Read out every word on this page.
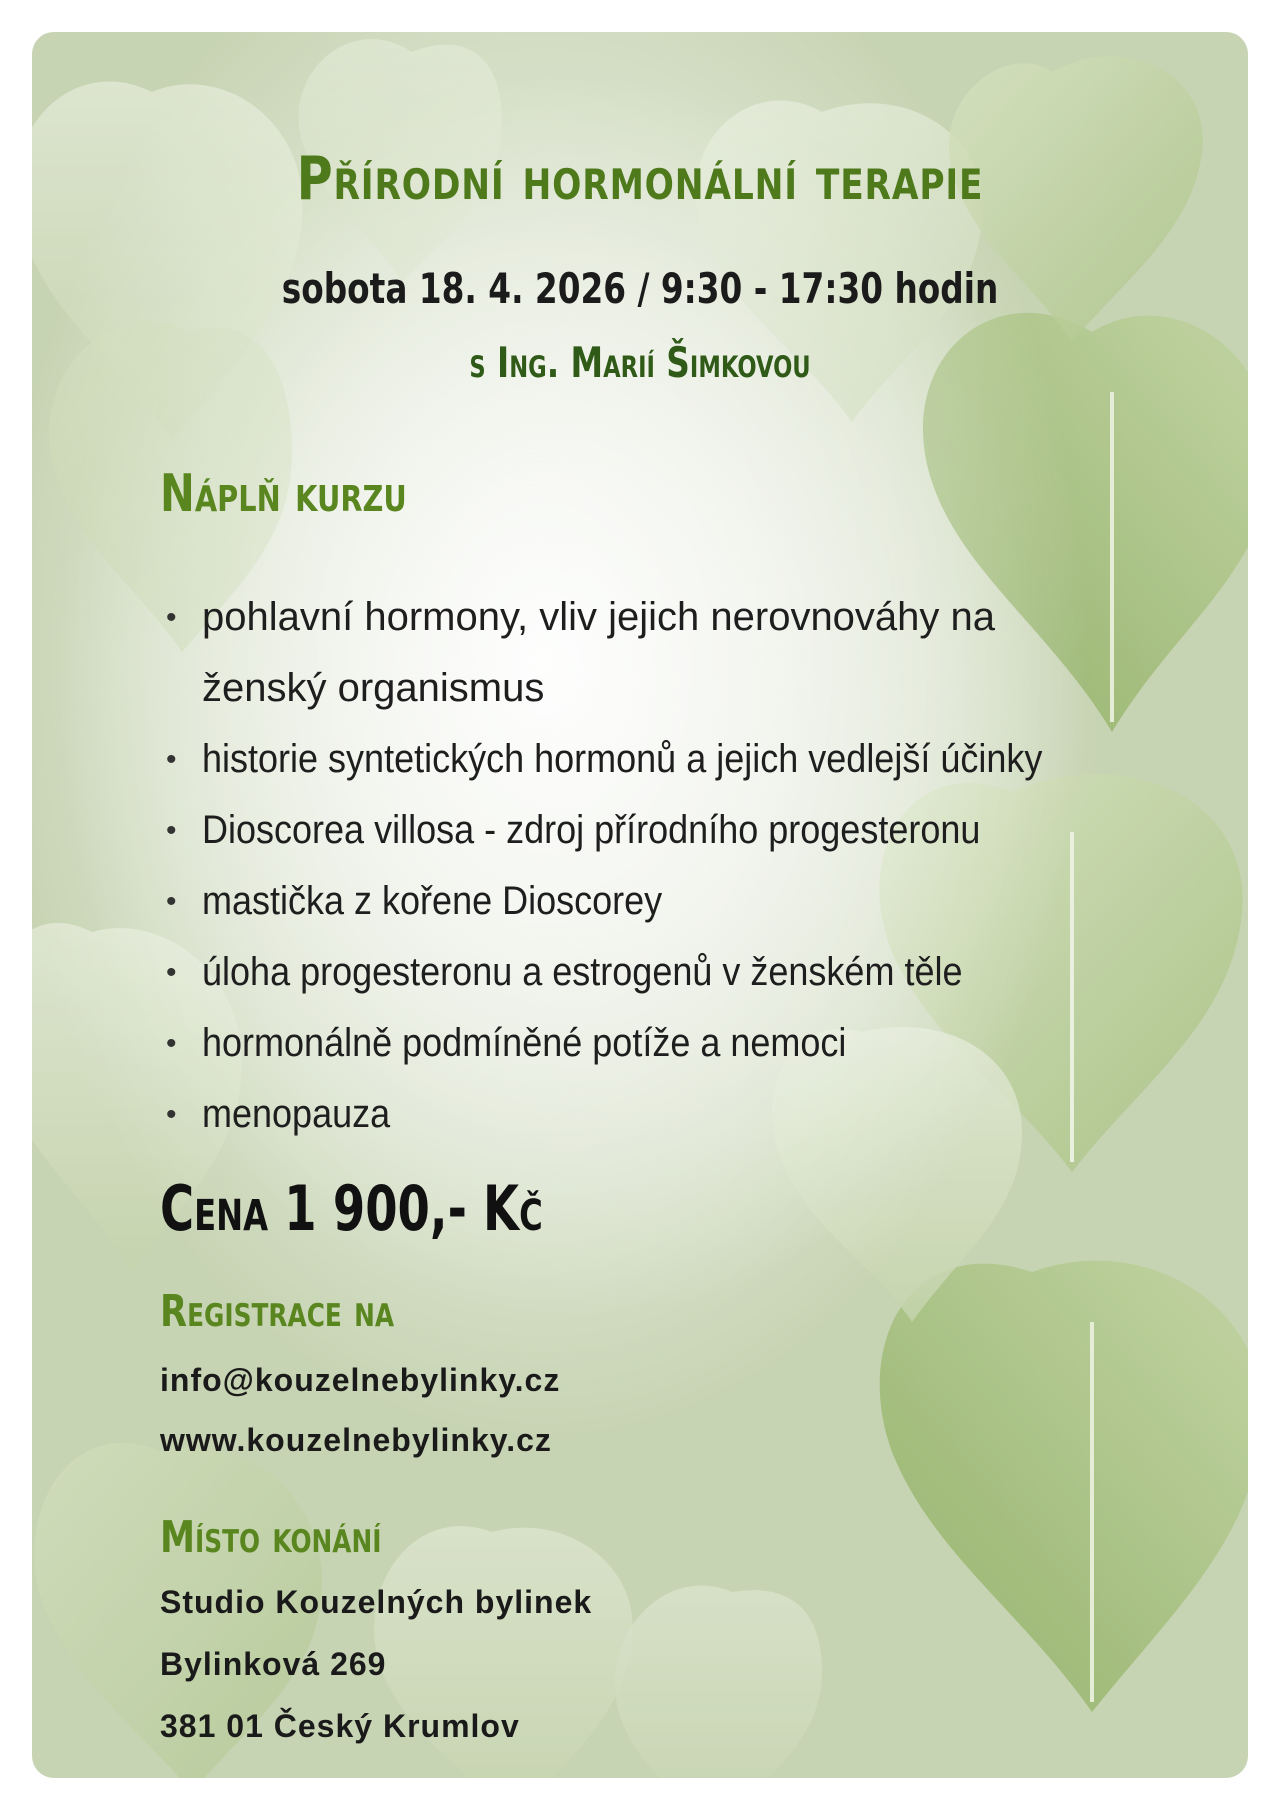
Přírodní hormonální terapie
sobota 18. 4. 2026 / 9:30 - 17:30 hodin
s Ing. Marií Šimkovou
Náplň kurzu
• pohlavní hormony, vliv jejich nerovnováhy na ženský organismus
• historie syntetických hormonů a jejich vedlejší účinky
• Dioscorea villosa - zdroj přírodního progesteronu
• mastička z kořene Dioscorey
• úloha progesteronu a estrogenů v ženském těle
• hormonálně podmíněné potíže a nemoci
• menopauza
Cena 1 900,- Kč
Registrace na
info@kouzelnebylinky.cz
www.kouzelnebylinky.cz
Místo konání
Studio Kouzelných bylinek
Bylinková 269
381 01 Český Krumlov
